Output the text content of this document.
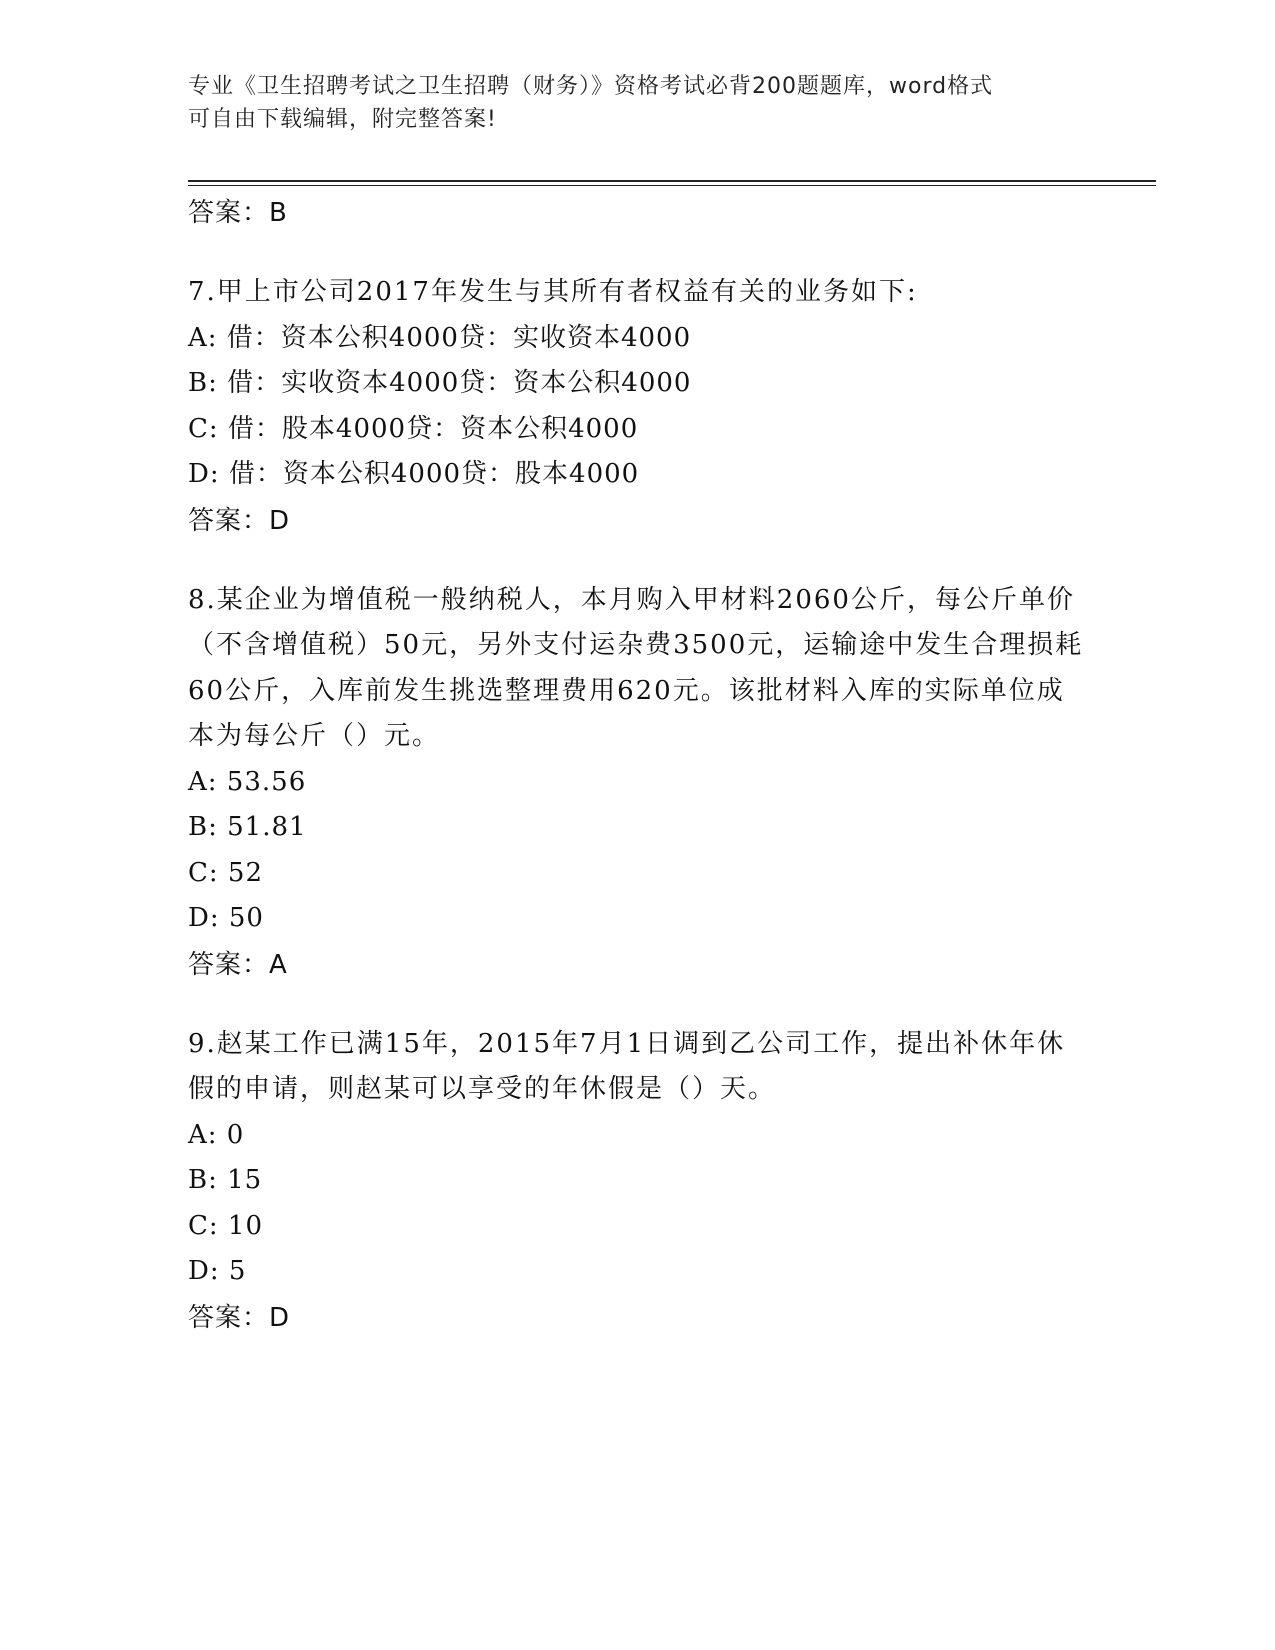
专业《卫生招聘考试之卫生招聘（财务）》资格考试必背200题题库，word格式
可自由下载编辑，附完整答案!
答案：B
7.甲上市公司2017年发生与其所有者权益有关的业务如下:
A: 借：资本公积4000贷：实收资本4000
B: 借：实收资本4000贷：资本公积4000
C: 借：股本4000贷：资本公积4000
D: 借：资本公积4000贷：股本4000
答案：D
8.某企业为增值税一般纳税人，本月购入甲材料2060公斤，每公斤单价（不含增值税）50元，另外支付运杂费3500元，运输途中发生合理损耗60公斤，入库前发生挑选整理费用620元。该批材料入库的实际单位成本为每公斤（）元。
A: 53.56
B: 51.81
C: 52
D: 50
答案：A
9.赵某工作已满15年，2015年7月1日调到乙公司工作，提出补休年休假的申请，则赵某可以享受的年休假是（）天。
A: 0
B: 15
C: 10
D: 5
答案：D
